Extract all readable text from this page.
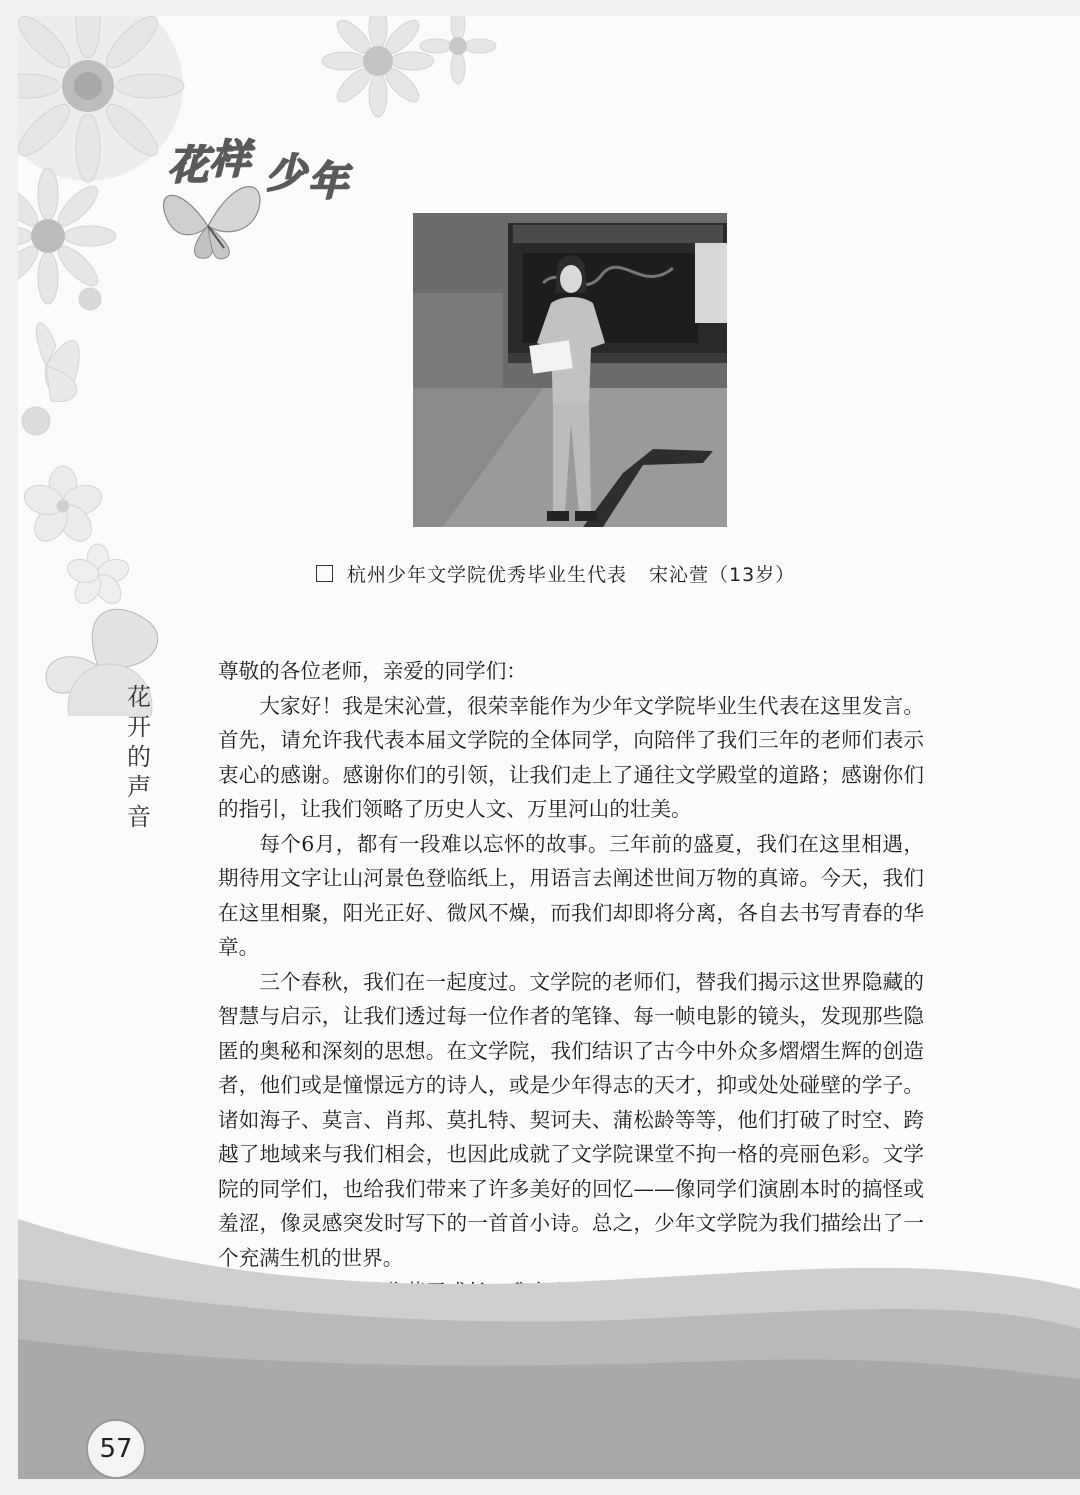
花 样 少 年
杭州少年文学院优秀毕业生代表 宋沁萱（13岁）
花
开
的
声
音

尊敬的各位老师，亲爱的同学们：

大家好！我是宋沁萱，很荣幸能作为少年文学院毕业生代表在这里发言。首先，请允许我代表本届文学院的全体同学，向陪伴了我们三年的老师们表示衷心的感谢。感谢你们的引领，让我们走上了通往文学殿堂的道路；感谢你们的指引，让我们领略了历史人文、万里河山的壮美。

每个6月，都有一段难以忘怀的故事。三年前的盛夏，我们在这里相遇，期待用文字让山河景色登临纸上，用语言去阐述世间万物的真谛。今天，我们在这里相聚，阳光正好、微风不燥，而我们却即将分离，各自去书写青春的华章。

三个春秋，我们在一起度过。文学院的老师们，替我们揭示这世界隐藏的智慧与启示，让我们透过每一位作者的笔锋、每一帧电影的镜头，发现那些隐匿的奥秘和深刻的思想。在文学院，我们结识了古今中外众多熠熠生辉的创造者，他们或是憧憬远方的诗人，或是少年得志的天才，抑或处处碰壁的学子。诸如海子、莫言、肖邦、莫扎特、契诃夫、蒲松龄等等，他们打破了时空、跨越了地域来与我们相会，也因此成就了文学院课堂不拘一格的亮丽色彩。文学院的同学们，也给我们带来了许多美好的回忆——像同学们演剧本时的搞怪或羞涩，像灵感突发时写下的一首首小诗。总之，少年文学院为我们描绘出了一个充满生机的世界。

57
